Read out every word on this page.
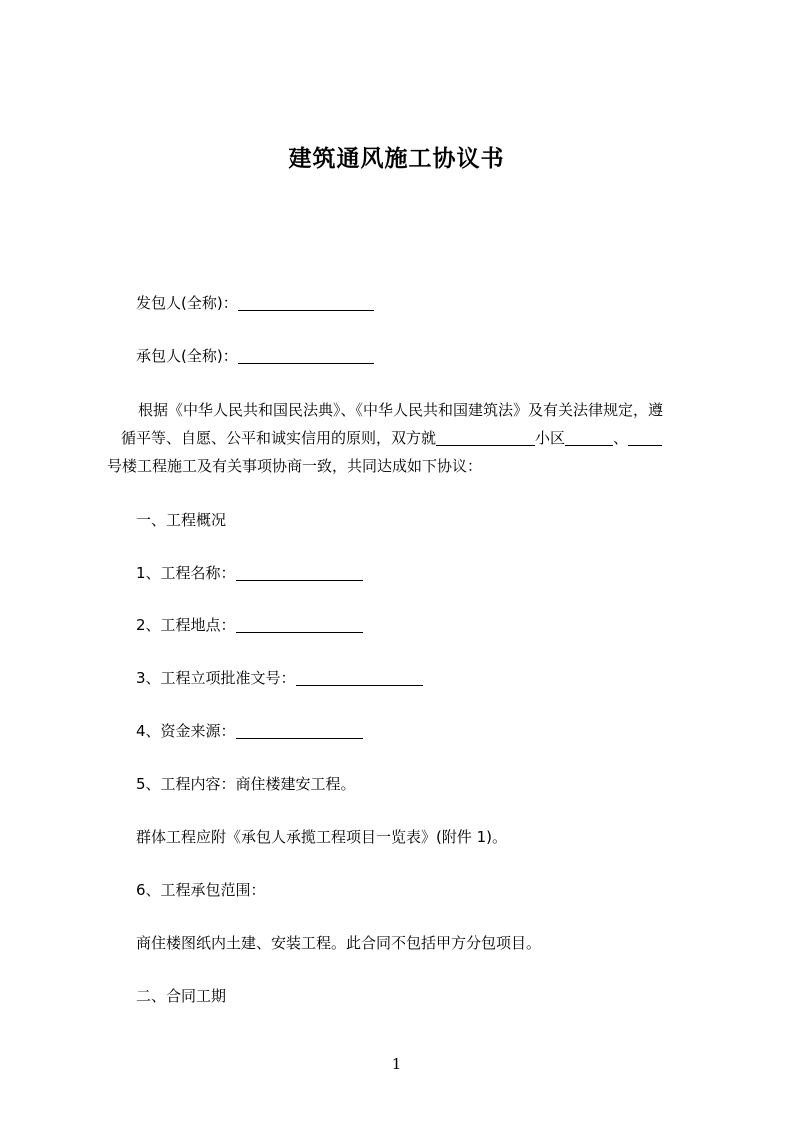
建筑通风施工协议书
发包人(全称)：
承包人(全称)：
根据《中华人民共和国民法典》、《中华人民共和国建筑法》及有关法律规定，遵
循平等、自愿、公平和诚实信用的原则，双方就	小区	、
号楼工程施工及有关事项协商一致，共同达成如下协议：
一、工程概况
1、工程名称：
2、工程地点：
3、工程立项批准文号：
4、资金来源：
5、工程内容：商住楼建安工程。
群体工程应附《承包人承揽工程项目一览表》(附件 1)。
6、工程承包范围：
商住楼图纸内土建、安装工程。此合同不包括甲方分包项目。
二、合同工期
1
